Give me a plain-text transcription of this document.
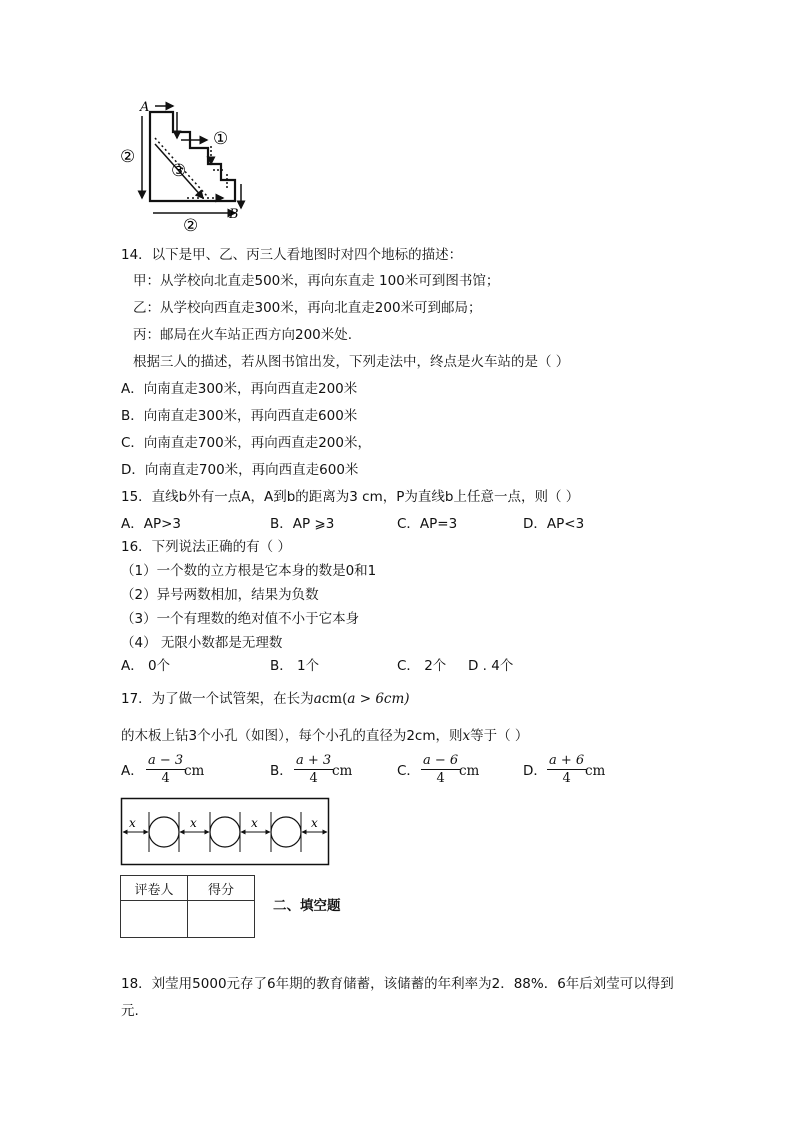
A
B
①
②
③
②
14．以下是甲、乙、丙三人看地图时对四个地标的描述：
甲：从学校向北直走500米，再向东直走 100米可到图书馆；
乙：从学校向西直走300米，再向北直走200米可到邮局；
丙：邮局在火车站正西方向200米处.
根据三人的描述，若从图书馆出发，下列走法中，终点是火车站的是（ ）
A．向南直走300米，再向西直走200米
B．向南直走300米，再向西直走600米
C．向南直走700米，再向西直走200米，
D．向南直走700米，再向西直走600米
15．直线b外有一点A，A到b的距离为3 cm，P为直线b上任意一点，则（ ）
A．AP>3	B．AP ⩾3	C．AP=3	D．AP<3
16．下列说法正确的有（ ）
（1）一个数的立方根是它本身的数是0和1
（2）异号两数相加，结果为负数
（3）一个有理数的绝对值不小于它本身
（4） 无限小数都是无理数
A． 0个	B． 1个	C． 2个 D . 4个
17．为了做一个试管架，在长为acm(a > 6cm)
的木板上钻3个小孔（如图），每个小孔的直径为2cm，则x等于（ ）
A． $\frac{a - 3}{4}$
cm	B． $\frac{a + 3}{4}$
cm	C． $\frac{a - 6}{4}$
cm	D． $\frac{a + 6}{4}$
cm
x	x	x	x
评卷人	得分

二、填空题
18．刘莹用5000元存了6年期的教育储蓄，该储蓄的年利率为2．88%．6年后刘莹可以得到
元.
